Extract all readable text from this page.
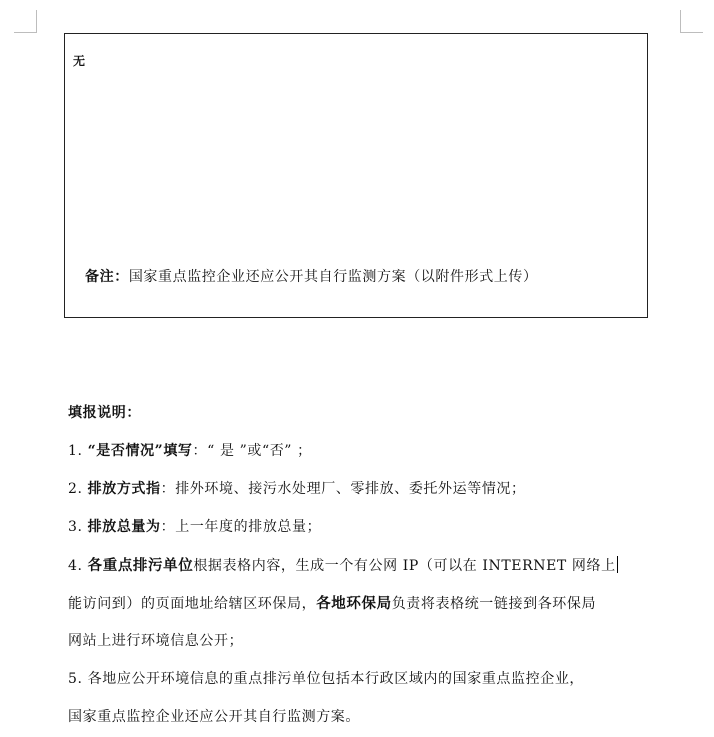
无
备注：国家重点监控企业还应公开其自行监测方案（以附件形式上传）
填报说明：
1. “是否情况”填写：“ 是 ”或“否” ；
2. 排放方式指：排外环境、接污水处理厂、零排放、委托外运等情况；
3. 排放总量为：上一年度的排放总量；
4. 各重点排污单位根据表格内容，生成一个有公网 IP（可以在 INTERNET 网络上
能访问到）的页面地址给辖区环保局，各地环保局负责将表格统一链接到各环保局
网站上进行环境信息公开；
5. 各地应公开环境信息的重点排污单位包括本行政区域内的国家重点监控企业，
国家重点监控企业还应公开其自行监测方案。
